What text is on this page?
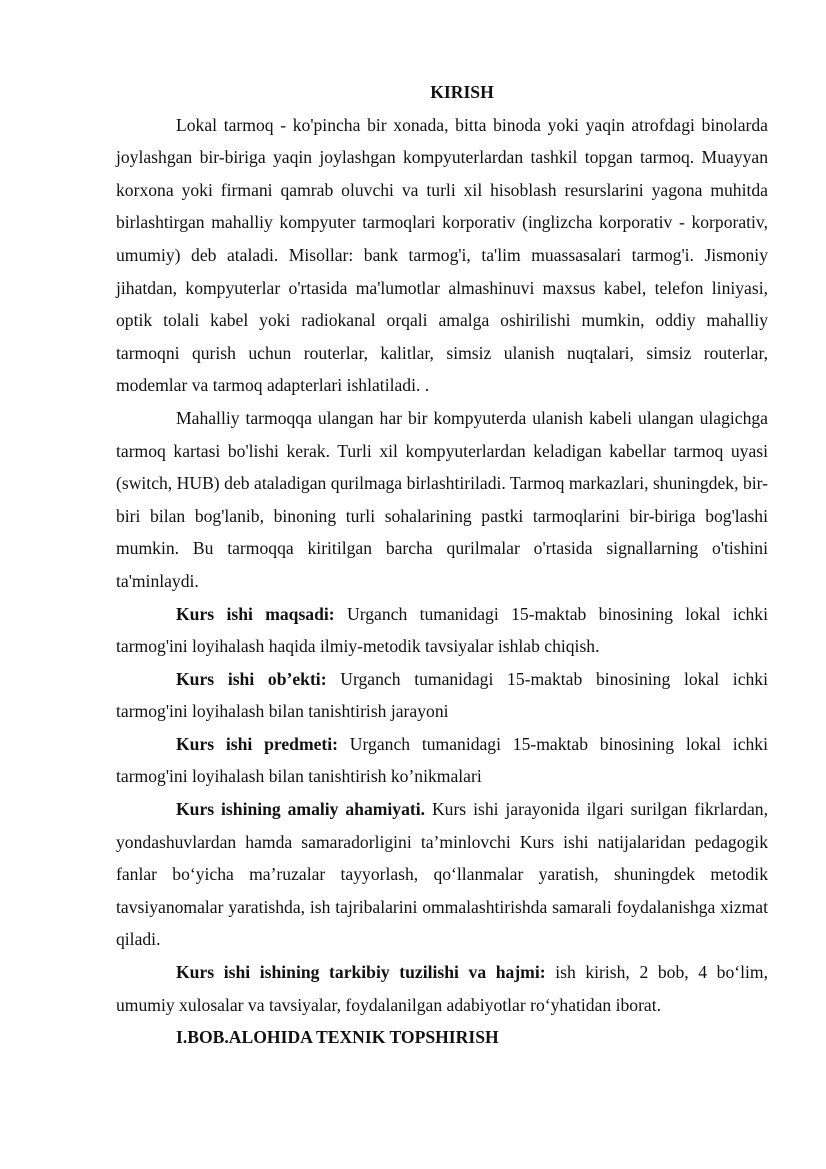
KIRISH

Lokal tarmoq - ko'pincha bir xonada, bitta binoda yoki yaqin atrofdagi binolarda joylashgan bir-biriga yaqin joylashgan kompyuterlardan tashkil topgan tarmoq. Muayyan korxona yoki firmani qamrab oluvchi va turli xil hisoblash resurslarini yagona muhitda birlashtirgan mahalliy kompyuter tarmoqlari korporativ (inglizcha korporativ - korporativ, umumiy) deb ataladi. Misollar: bank tarmog'i, ta'lim muassasalari tarmog'i. Jismoniy jihatdan, kompyuterlar o'rtasida ma'lumotlar almashinuvi maxsus kabel, telefon liniyasi, optik tolali kabel yoki radiokanal orqali amalga oshirilishi mumkin, oddiy mahalliy tarmoqni qurish uchun routerlar, kalitlar, simsiz ulanish nuqtalari, simsiz routerlar, modemlar va tarmoq adapterlari ishlatiladi. .

Mahalliy tarmoqqa ulangan har bir kompyuterda ulanish kabeli ulangan ulagichga tarmoq kartasi bo'lishi kerak. Turli xil kompyuterlardan keladigan kabellar tarmoq uyasi (switch, HUB) deb ataladigan qurilmaga birlashtiriladi. Tarmoq markazlari, shuningdek, bir-biri bilan bog'lanib, binoning turli sohalarining pastki tarmoqlarini bir-biriga bog'lashi mumkin. Bu tarmoqqa kiritilgan barcha qurilmalar o'rtasida signallarning o'tishini ta'minlaydi.

Kurs ishi maqsadi: Urganch tumanidagi 15-maktab binosining lokal ichki tarmog'ini loyihalash haqida ilmiy-metodik tavsiyalar ishlab chiqish.

Kurs ishi ob’ekti: Urganch tumanidagi 15-maktab binosining lokal ichki tarmog'ini loyihalash bilan tanishtirish jarayoni

Kurs ishi predmeti: Urganch tumanidagi 15-maktab binosining lokal ichki tarmog'ini loyihalash bilan tanishtirish ko’nikmalari

Kurs ishining amaliy ahamiyati. Kurs ishi jarayonida ilgari surilgan fikrlardan, yondashuvlardan hamda samaradorligini ta’minlovchi Kurs ishi natijalaridan pedagogik fanlar bo‘yicha ma’ruzalar tayyorlash, qo‘llanmalar yaratish, shuningdek metodik tavsiyanomalar yaratishda, ish tajribalarini ommalashtirishda samarali foydalanishga xizmat qiladi.

Kurs ishi ishining tarkibiy tuzilishi va hajmi: ish kirish, 2 bob, 4 bo‘lim, umumiy xulosalar va tavsiyalar, foydalanilgan adabiyotlar ro‘yhatidan iborat.

I.BOB.ALOHIDA TEXNIK TOPSHIRISH
